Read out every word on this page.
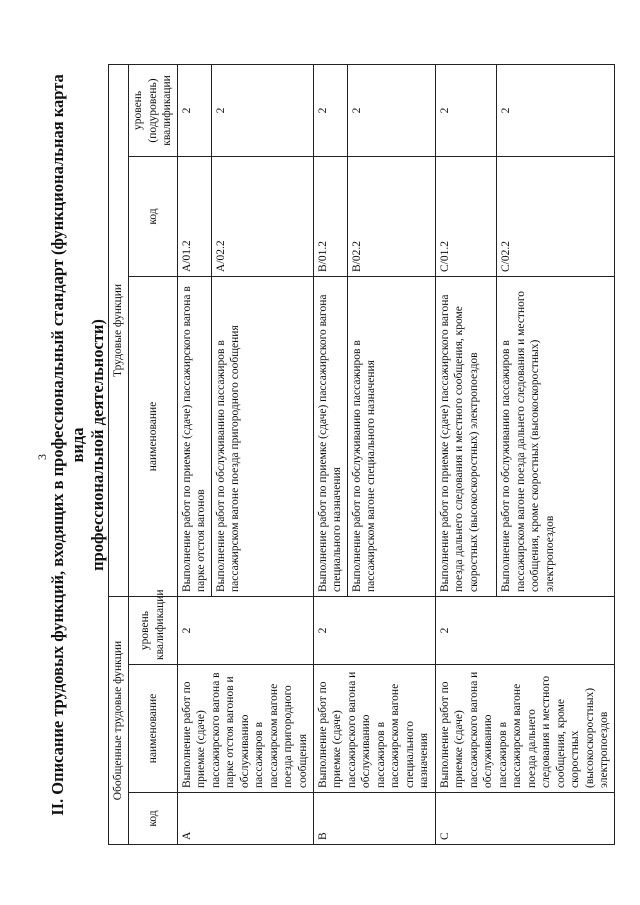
3 II. Описание трудовых функций, входящих в профессиональный стандарт (функциональная карта вида профессиональной деятельности)
Обобщенные трудовые функции			Трудовые функции		
код	наименование	уровень квалификации	наименование	код	уровень (подуровень) квалификации
A	Выполнение работ по приемке (сдаче) пассажирского вагона в парке отстоя вагонов и обслуживанию пассажиров в пассажирском вагоне поезда пригородного сообщения	2	Выполнение работ по приемке (сдаче) пассажирского вагона в парке отстоя вагонов	A/01.2	2
			Выполнение работ по обслуживанию пассажиров в пассажирском вагоне поезда пригородного сообщения	A/02.2	2
B	Выполнение работ по приемке (сдаче) пассажирского вагона и обслуживанию пассажиров в пассажирском вагоне специального назначения	2	Выполнение работ по приемке (сдаче) пассажирского вагона специального назначения	B/01.2	2
			Выполнение работ по обслуживанию пассажиров в пассажирском вагоне специального назначения	B/02.2	2
C	Выполнение работ по приемке (сдаче) пассажирского вагона и обслуживанию пассажиров в пассажирском вагоне поезда дальнего следования и местного сообщения, кроме скоростных (высокоскоростных) электропоездов	2	Выполнение работ по приемке (сдаче) пассажирского вагона поезда дальнего следования и местного сообщения, кроме скоростных (высокоскоростных) электропоездов	C/01.2	2
			Выполнение работ по обслуживанию пассажиров в пассажирском вагоне поезда дальнего следования и местного сообщения, кроме скоростных (высокоскоростных) электропоездов	C/02.2	2
